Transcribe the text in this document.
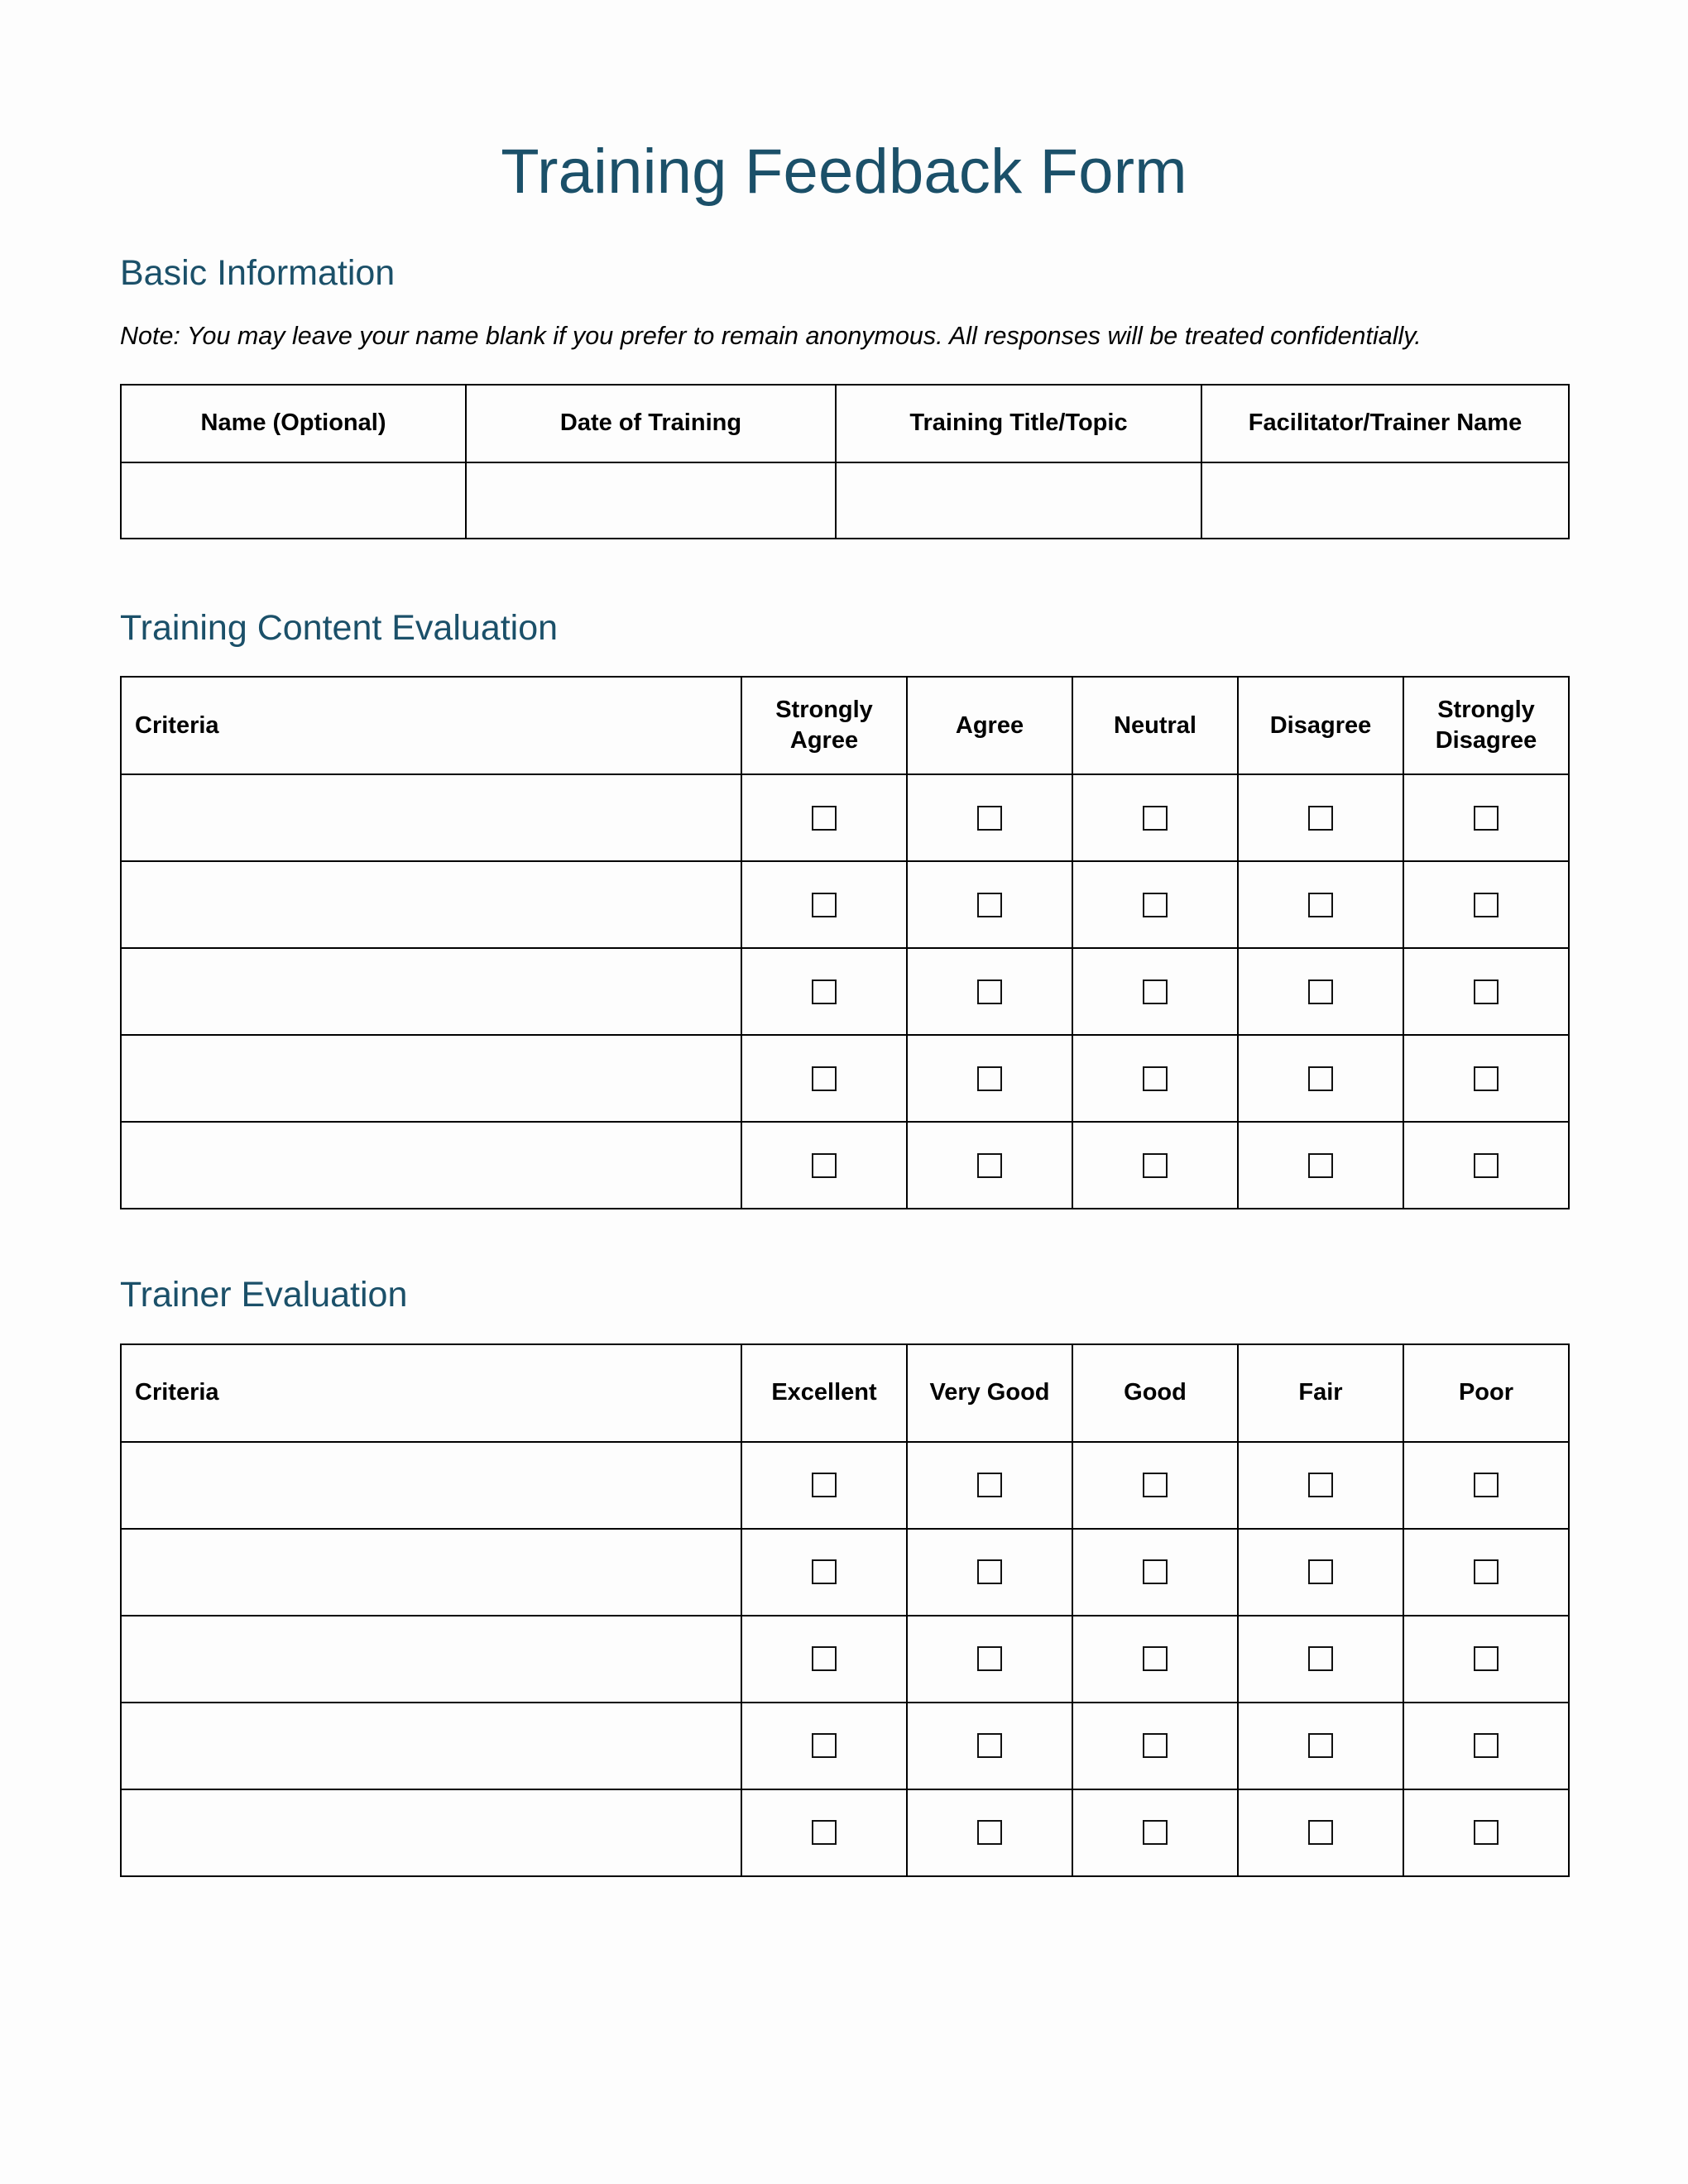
Training Feedback Form
Basic Information

Note: You may leave your name blank if you prefer to remain anonymous. All responses will be treated confidentially.

Name (Optional)	Date of Training	Training Title/Topic	Facilitator/Trainer Name

Training Content Evaluation
Criteria	Strongly Agree	Agree	Neutral	Disagree	Strongly Disagree

Trainer Evaluation
Criteria	Excellent	Very Good	Good	Fair	Poor
